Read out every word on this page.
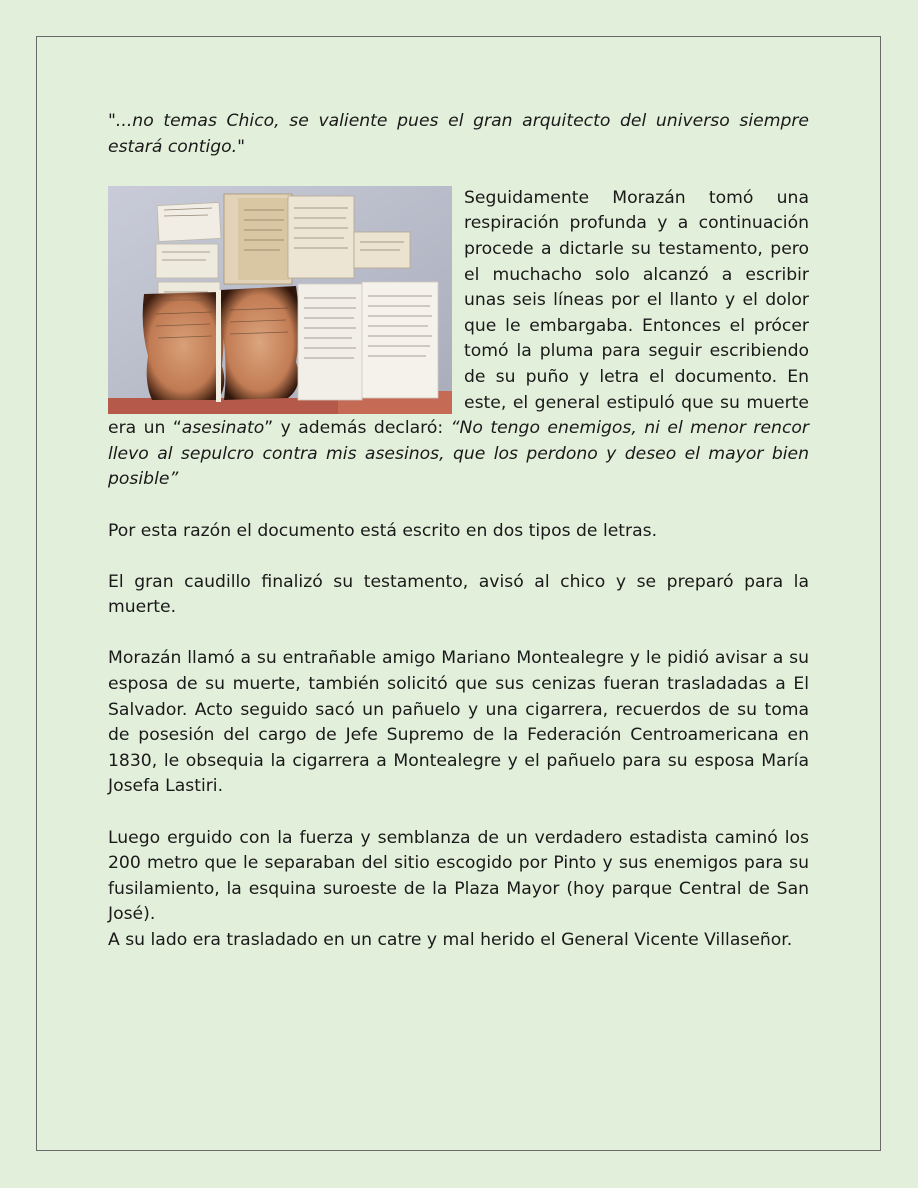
"...no temas Chico, se valiente pues el gran arquitecto del universo siempre estará contigo."

Seguidamente Morazán tomó una respiración profunda y a continuación procede a dictarle su testamento, pero el muchacho solo alcanzó a escribir unas seis líneas por el llanto y el dolor que le embargaba. Entonces el prócer tomó la pluma para seguir escribiendo de su puño y letra el documento. En este, el general estipuló que su muerte era un “asesinato” y además declaró: “No tengo enemigos, ni el menor rencor llevo al sepulcro contra mis asesinos, que los perdono y deseo el mayor bien posible”

Por esta razón el documento está escrito en dos tipos de letras.

El gran caudillo finalizó su testamento, avisó al chico y se preparó para la muerte.

Morazán llamó a su entrañable amigo Mariano Montealegre y le pidió avisar a su esposa de su muerte, también solicitó que sus cenizas fueran trasladadas a El Salvador. Acto seguido sacó un pañuelo y una cigarrera, recuerdos de su toma de posesión del cargo de Jefe Supremo de la Federación Centroamericana en 1830, le obsequia la cigarrera a Montealegre y el pañuelo para su esposa María Josefa Lastiri.

Luego erguido con la fuerza y semblanza de un verdadero estadista caminó los 200 metro que le separaban del sitio escogido por Pinto y sus enemigos para su fusilamiento, la esquina suroeste de la Plaza Mayor (hoy parque Central de San José).

A su lado era trasladado en un catre y mal herido el General Vicente Villaseñor.
